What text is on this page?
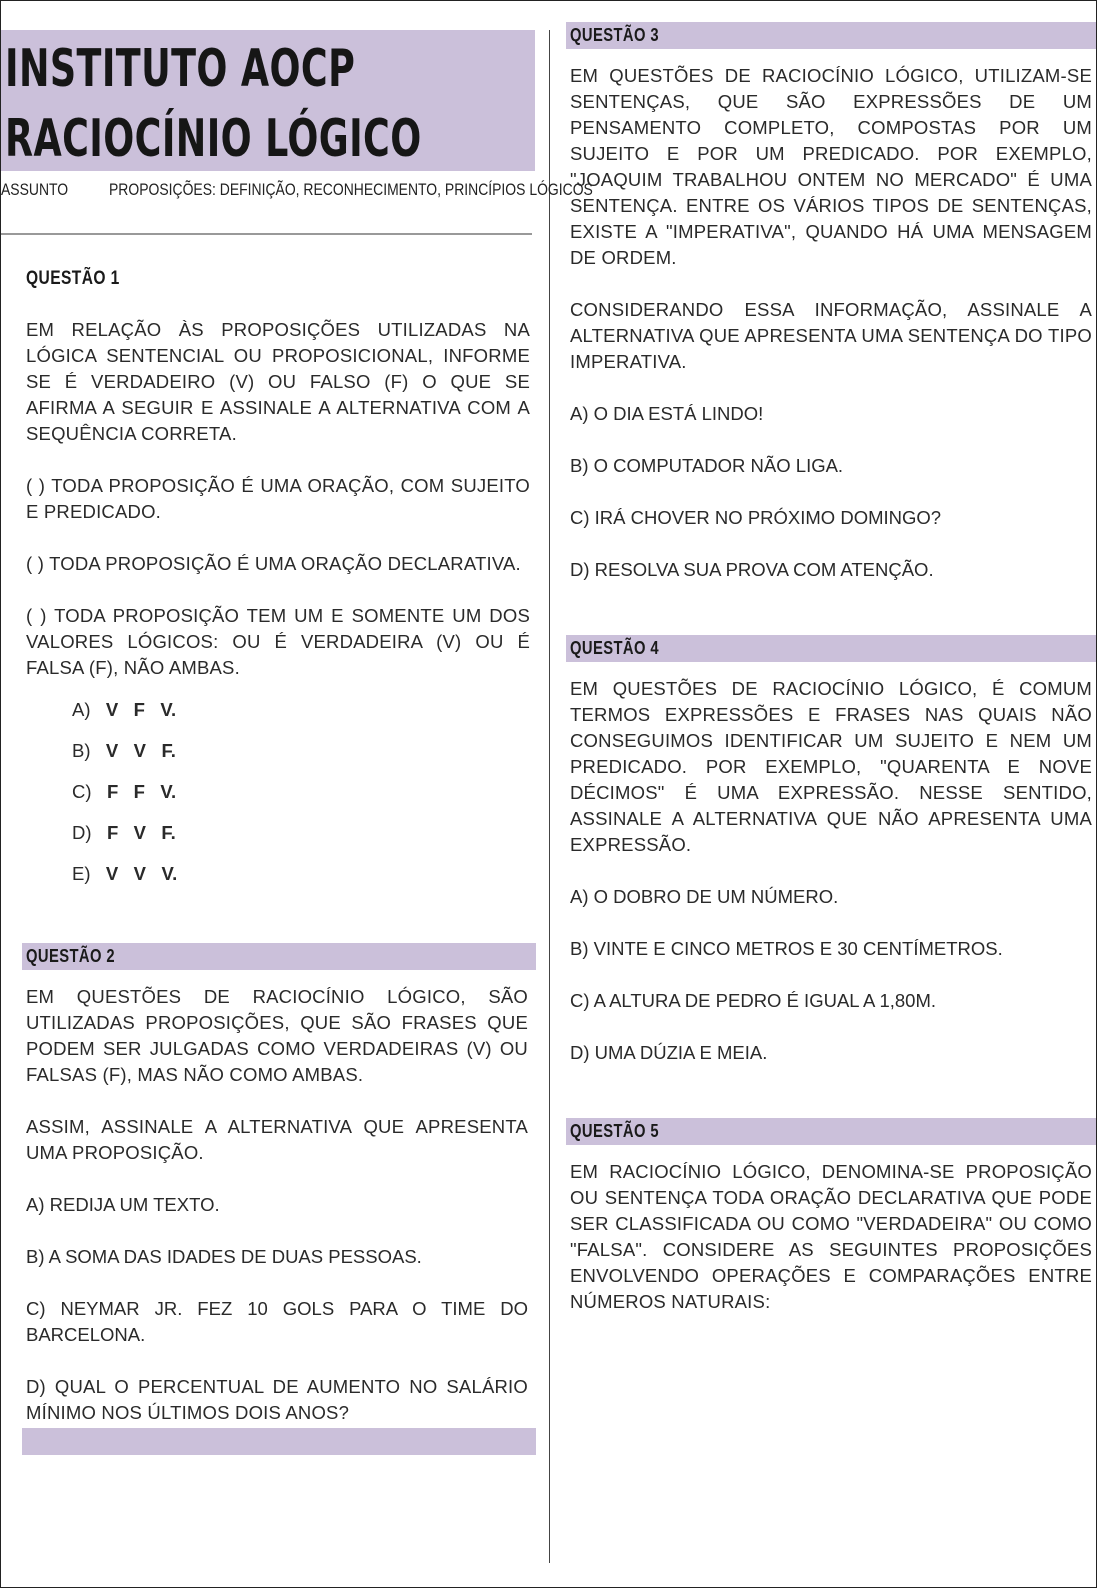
INSTITUTO AOCP
RACIOCÍNIO LÓGICO
ASSUNTO PROPOSIÇÕES: DEFINIÇÃO, RECONHECIMENTO, PRINCÍPIOS LÓGICOS
QUESTÃO 1

EM RELAÇÃO ÀS PROPOSIÇÕES UTILIZADAS NA LÓGICA SENTENCIAL OU PROPOSICIONAL, INFORME SE É VERDADEIRO (V) OU FALSO (F) O QUE SE AFIRMA A SEGUIR E ASSINALE A ALTERNATIVA COM A SEQUÊNCIA CORRETA.

( ) TODA PROPOSIÇÃO É UMA ORAÇÃO, COM SUJEITO E PREDICADO.

( ) TODA PROPOSIÇÃO É UMA ORAÇÃO DECLARATIVA.

( ) TODA PROPOSIÇÃO TEM UM E SOMENTE UM DOS VALORES LÓGICOS: OU É VERDADEIRA (V) OU É FALSA (F), NÃO AMBAS.

A) V   F   V.
B) V   V   F.
C) F   F   V.
D) F   V   F.
E) V   V   V.
QUESTÃO 2

EM QUESTÕES DE RACIOCÍNIO LÓGICO, SÃO UTILIZADAS PROPOSIÇÕES, QUE SÃO FRASES QUE PODEM SER JULGADAS COMO VERDADEIRAS (V) OU FALSAS (F), MAS NÃO COMO AMBAS.

ASSIM, ASSINALE A ALTERNATIVA QUE APRESENTA UMA PROPOSIÇÃO.

A) REDIJA UM TEXTO.
B) A SOMA DAS IDADES DE DUAS PESSOAS.
C) NEYMAR JR. FEZ 10 GOLS PARA O TIME DO BARCELONA.

D) QUAL O PERCENTUAL DE AUMENTO NO SALÁRIO MÍNIMO NOS ÚLTIMOS DOIS ANOS?

QUESTÃO 3

EM QUESTÕES DE RACIOCÍNIO LÓGICO, UTILIZAM-SE SENTENÇAS, QUE SÃO EXPRESSÕES DE UM PENSAMENTO COMPLETO, COMPOSTAS POR UM SUJEITO E POR UM PREDICADO. POR EXEMPLO, "JOAQUIM TRABALHOU ONTEM NO MERCADO" É UMA SENTENÇA. ENTRE OS VÁRIOS TIPOS DE SENTENÇAS, EXISTE A "IMPERATIVA", QUANDO HÁ UMA MENSAGEM DE ORDEM.

CONSIDERANDO ESSA INFORMAÇÃO, ASSINALE A ALTERNATIVA QUE APRESENTA UMA SENTENÇA DO TIPO IMPERATIVA.

A) O DIA ESTÁ LINDO!
B) O COMPUTADOR NÃO LIGA.
C) IRÁ CHOVER NO PRÓXIMO DOMINGO?
D) RESOLVA SUA PROVA COM ATENÇÃO.
QUESTÃO 4

EM QUESTÕES DE RACIOCÍNIO LÓGICO, É COMUM TERMOS EXPRESSÕES E FRASES NAS QUAIS NÃO CONSEGUIMOS IDENTIFICAR UM SUJEITO E NEM UM PREDICADO. POR EXEMPLO, "QUARENTA E NOVE DÉCIMOS" É UMA EXPRESSÃO. NESSE SENTIDO, ASSINALE A ALTERNATIVA QUE NÃO APRESENTA UMA EXPRESSÃO.

A) O DOBRO DE UM NÚMERO.
B) VINTE E CINCO METROS E 30 CENTÍMETROS.
C) A ALTURA DE PEDRO É IGUAL A 1,80M.
D) UMA DÚZIA E MEIA.
QUESTÃO 5

EM RACIOCÍNIO LÓGICO, DENOMINA-SE PROPOSIÇÃO OU SENTENÇA TODA ORAÇÃO DECLARATIVA QUE PODE SER CLASSIFICADA OU COMO "VERDADEIRA" OU COMO "FALSA". CONSIDERE AS SEGUINTES PROPOSIÇÕES ENVOLVENDO OPERAÇÕES E COMPARAÇÕES ENTRE NÚMEROS NATURAIS:
